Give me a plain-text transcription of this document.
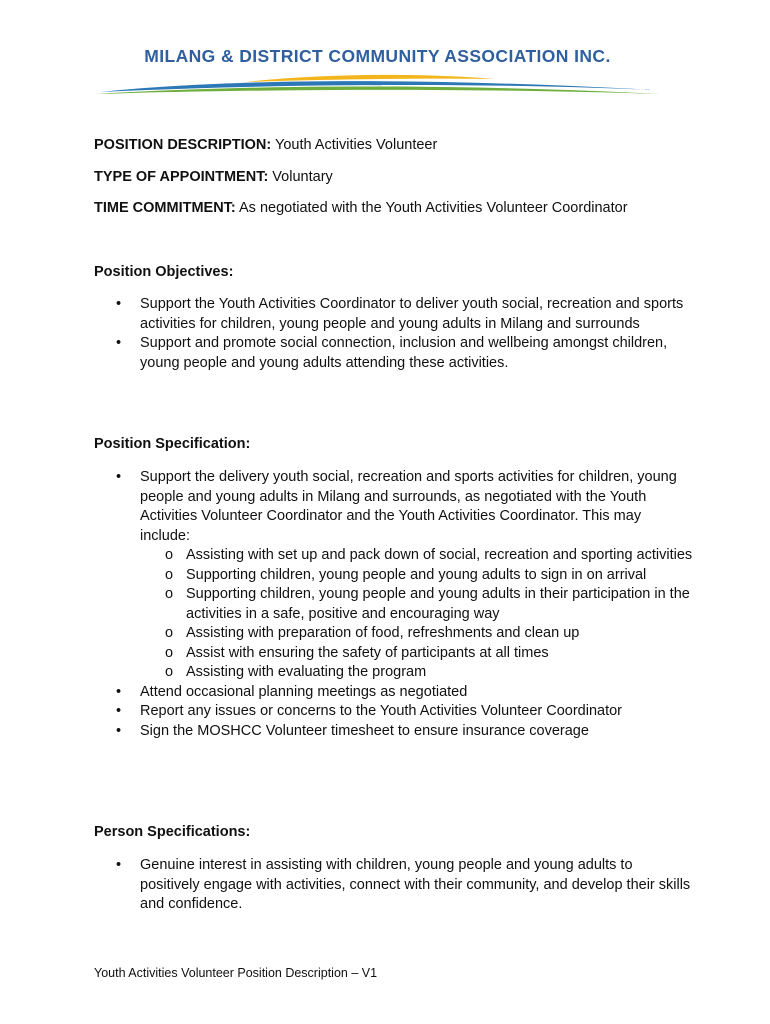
MILANG & DISTRICT COMMUNITY ASSOCIATION INC.
POSITION DESCRIPTION: Youth Activities Volunteer
TYPE OF APPOINTMENT: Voluntary
TIME COMMITMENT: As negotiated with the Youth Activities Volunteer Coordinator
Position Objectives:
• Support the Youth Activities Coordinator to deliver youth social, recreation and sports activities for children, young people and young adults in Milang and surrounds
• Support and promote social connection, inclusion and wellbeing amongst children, young people and young adults attending these activities.
Position Specification:
• Support the delivery youth social, recreation and sports activities for children, young people and young adults in Milang and surrounds, as negotiated with the Youth Activities Volunteer Coordinator and the Youth Activities Coordinator. This may include:
o Assisting with set up and pack down of social, recreation and sporting activities
o Supporting children, young people and young adults to sign in on arrival
o Supporting children, young people and young adults in their participation in the activities in a safe, positive and encouraging way
o Assisting with preparation of food, refreshments and clean up
o Assist with ensuring the safety of participants at all times
o Assisting with evaluating the program
• Attend occasional planning meetings as negotiated
• Report any issues or concerns to the Youth Activities Volunteer Coordinator
• Sign the MOSHCC Volunteer timesheet to ensure insurance coverage
Person Specifications:
• Genuine interest in assisting with children, young people and young adults to positively engage with activities, connect with their community, and develop their skills and confidence.
Youth Activities Volunteer Position Description – V1
